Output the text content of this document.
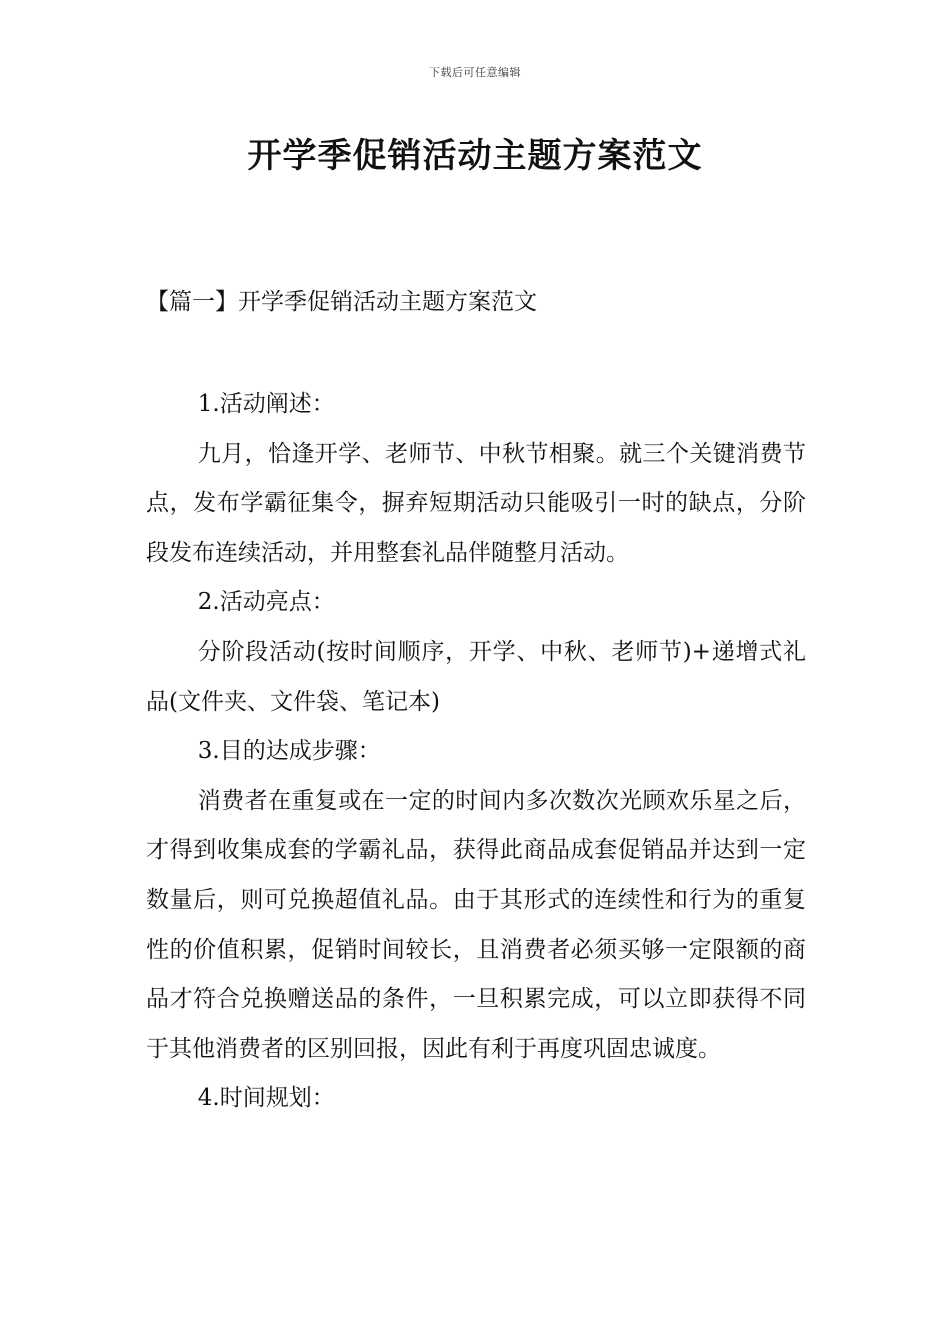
下载后可任意编辑
开学季促销活动主题方案范文
【篇一】开学季促销活动主题方案范文

1.活动阐述：

九月，恰逢开学、老师节、中秋节相聚。就三个关键消费节点，发布学霸征集令，摒弃短期活动只能吸引一时的缺点，分阶段发布连续活动，并用整套礼品伴随整月活动。

2.活动亮点：

分阶段活动(按时间顺序，开学、中秋、老师节)+递增式礼品(文件夹、文件袋、笔记本)

3.目的达成步骤：

消费者在重复或在一定的时间内多次数次光顾欢乐星之后，才得到收集成套的学霸礼品，获得此商品成套促销品并达到一定数量后，则可兑换超值礼品。由于其形式的连续性和行为的重复性的价值积累，促销时间较长，且消费者必须买够一定限额的商品才符合兑换赠送品的条件，一旦积累完成，可以立即获得不同于其他消费者的区别回报，因此有利于再度巩固忠诚度。

4.时间规划：
